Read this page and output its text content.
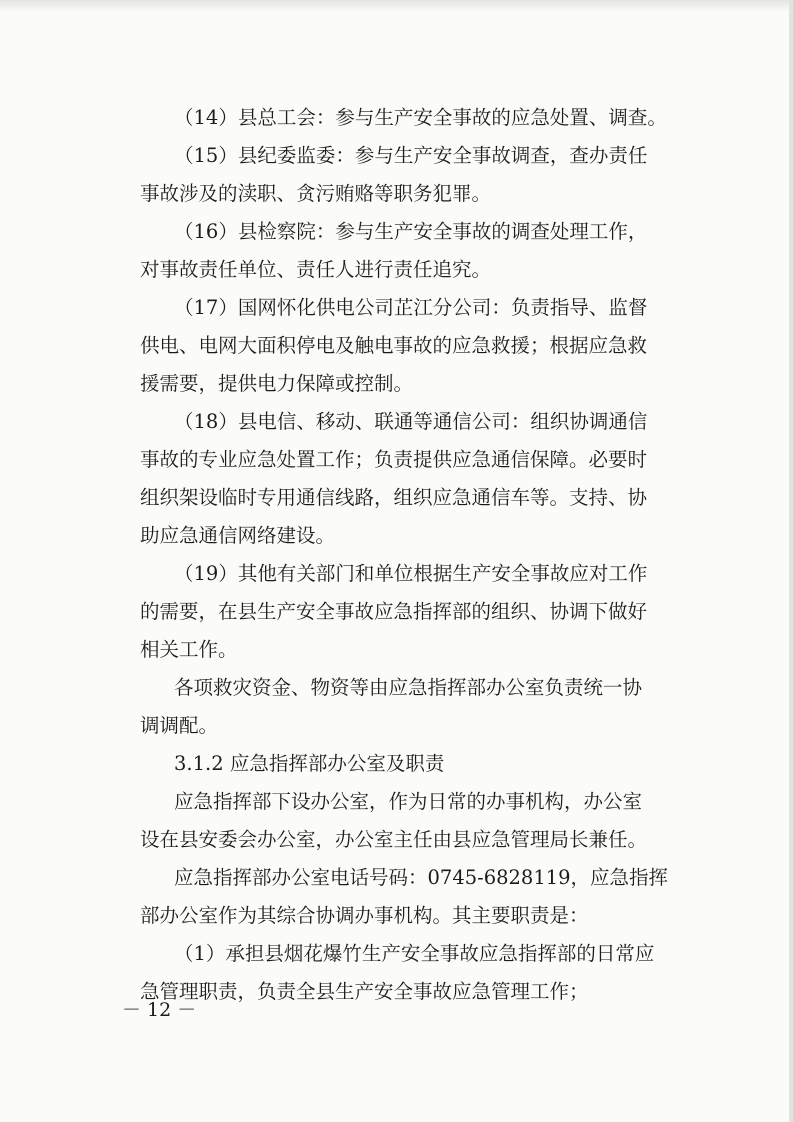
（14）县总工会：参与生产安全事故的应急处置、调查。
（15）县纪委监委：参与生产安全事故调查，查办责任
事故涉及的渎职、贪污贿赂等职务犯罪。
（16）县检察院：参与生产安全事故的调查处理工作，
对事故责任单位、责任人进行责任追究。
（17）国网怀化供电公司芷江分公司：负责指导、监督
供电、电网大面积停电及触电事故的应急救援；根据应急救
援需要，提供电力保障或控制。
（18）县电信、移动、联通等通信公司：组织协调通信
事故的专业应急处置工作；负责提供应急通信保障。必要时
组织架设临时专用通信线路，组织应急通信车等。支持、协
助应急通信网络建设。
（19）其他有关部门和单位根据生产安全事故应对工作
的需要，在县生产安全事故应急指挥部的组织、协调下做好
相关工作。
各项救灾资金、物资等由应急指挥部办公室负责统一协
调调配。
3.1.2 应急指挥部办公室及职责
应急指挥部下设办公室，作为日常的办事机构，办公室
设在县安委会办公室，办公室主任由县应急管理局长兼任。
应急指挥部办公室电话号码：0745-6828119，应急指挥
部办公室作为其综合协调办事机构。其主要职责是：
（1）承担县烟花爆竹生产安全事故应急指挥部的日常应
急管理职责，负责全县生产安全事故应急管理工作；
－ 12 －
